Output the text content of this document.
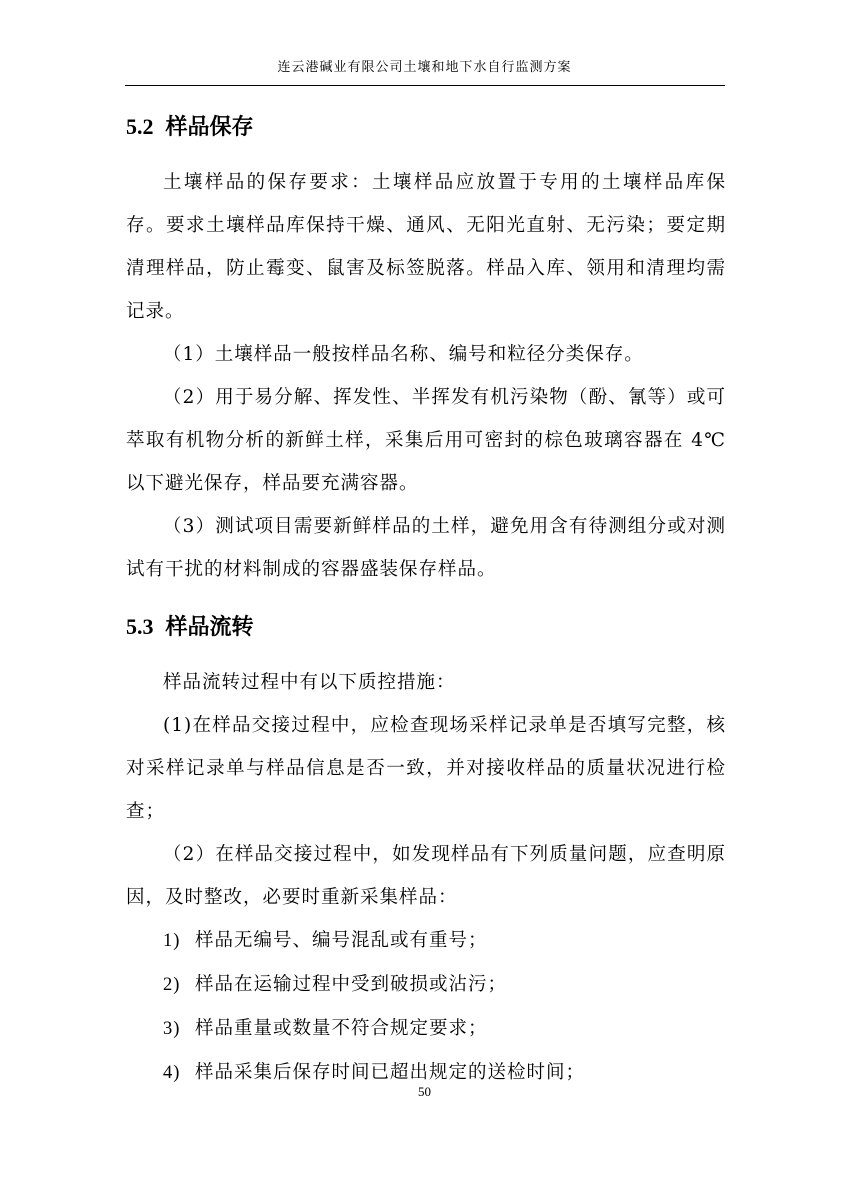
连云港碱业有限公司土壤和地下水自行监测方案
5.2 样品保存

土壤样品的保存要求：土壤样品应放置于专用的土壤样品库保存。要求土壤样品库保持干燥、通风、无阳光直射、无污染；要定期清理样品，防止霉变、鼠害及标签脱落。样品入库、领用和清理均需记录。

（1）土壤样品一般按样品名称、编号和粒径分类保存。

（2）用于易分解、挥发性、半挥发有机污染物（酚、氰等）或可萃取有机物分析的新鲜土样，采集后用可密封的棕色玻璃容器在 4℃以下避光保存，样品要充满容器。

（3）测试项目需要新鲜样品的土样，避免用含有待测组分或对测试有干扰的材料制成的容器盛装保存样品。

5.3 样品流转

样品流转过程中有以下质控措施：

(1)在样品交接过程中，应检查现场采样记录单是否填写完整，核对采样记录单与样品信息是否一致，并对接收样品的质量状况进行检查；

（2）在样品交接过程中，如发现样品有下列质量问题，应查明原因，及时整改，必要时重新采集样品：

1) 样品无编号、编号混乱或有重号；
2) 样品在运输过程中受到破损或沾污；
3) 样品重量或数量不符合规定要求；
4) 样品采集后保存时间已超出规定的送检时间；
50
